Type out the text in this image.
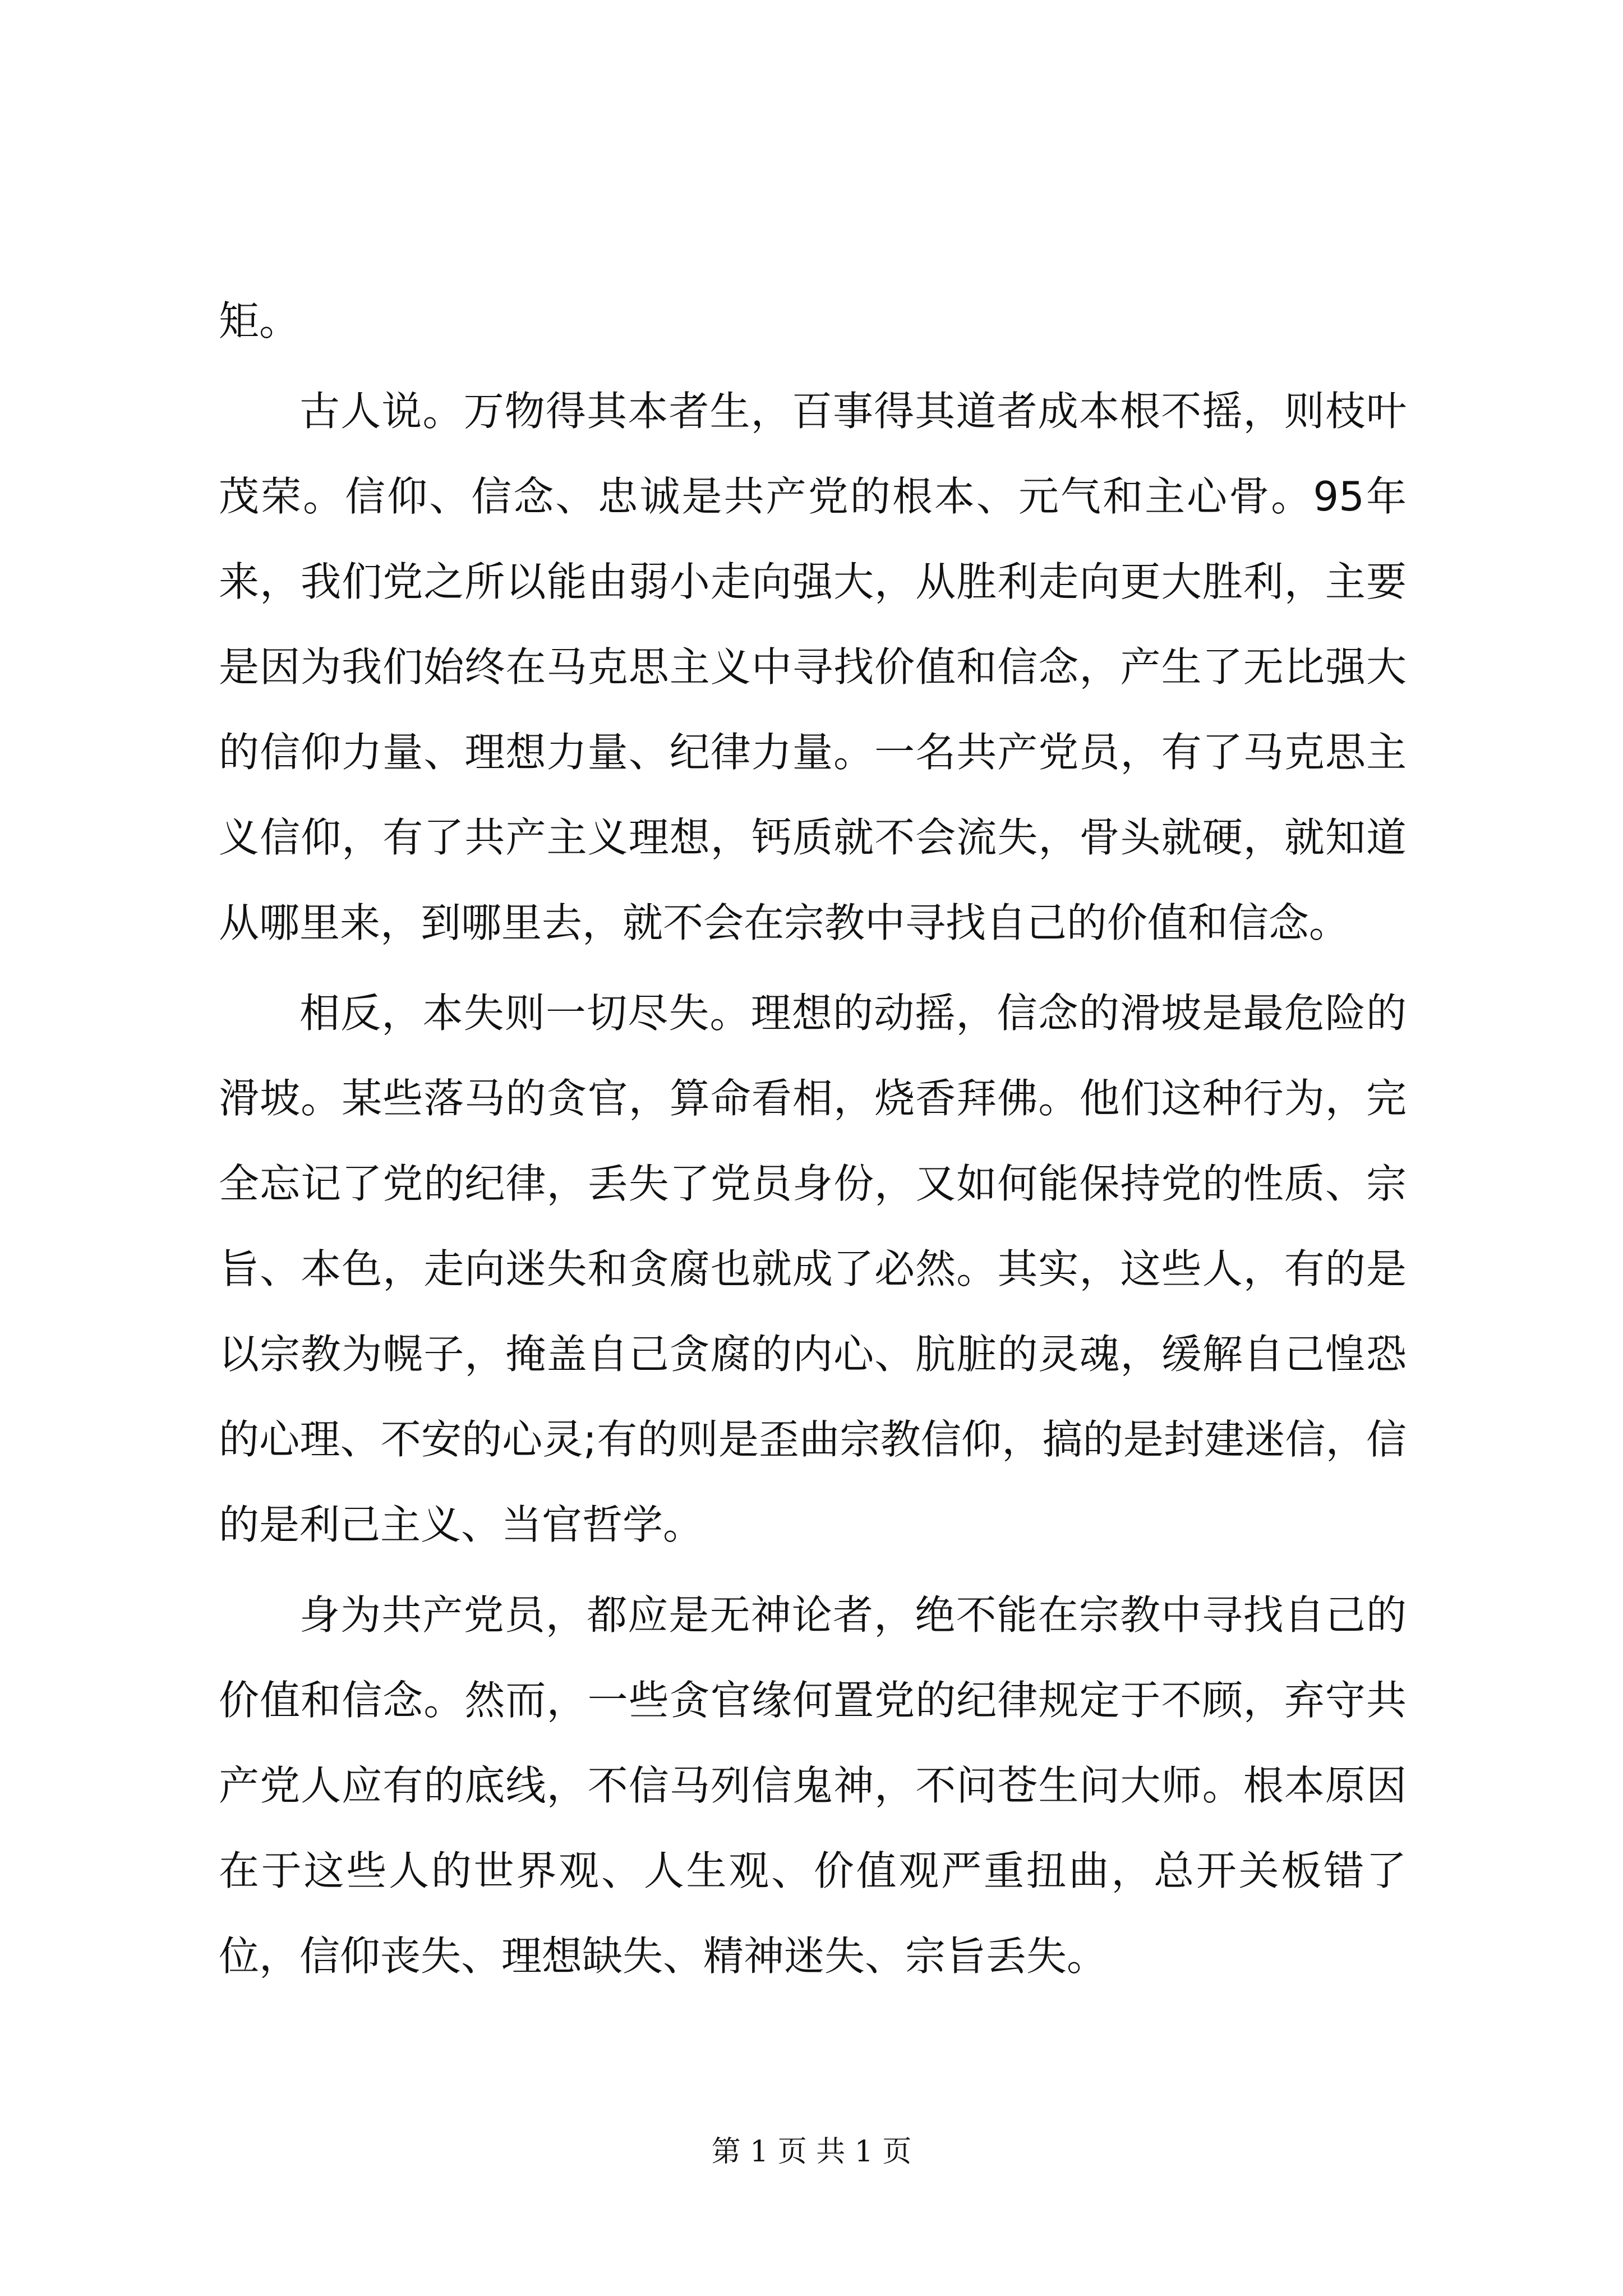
矩。

古人说。万物得其本者生，百事得其道者成本根不摇，则枝叶茂荣。信仰、信念、忠诚是共产党的根本、元气和主心骨。95年来，我们党之所以能由弱小走向强大，从胜利走向更大胜利，主要是因为我们始终在马克思主义中寻找价值和信念，产生了无比强大的信仰力量、理想力量、纪律力量。一名共产党员，有了马克思主义信仰，有了共产主义理想，钙质就不会流失，骨头就硬，就知道从哪里来，到哪里去，就不会在宗教中寻找自己的价值和信念。

相反，本失则一切尽失。理想的动摇，信念的滑坡是最危险的滑坡。某些落马的贪官，算命看相，烧香拜佛。他们这种行为，完全忘记了党的纪律，丢失了党员身份，又如何能保持党的性质、宗旨、本色，走向迷失和贪腐也就成了必然。其实，这些人，有的是以宗教为幌子，掩盖自己贪腐的内心、肮脏的灵魂，缓解自己惶恐的心理、不安的心灵;有的则是歪曲宗教信仰，搞的是封建迷信，信的是利己主义、当官哲学。

身为共产党员，都应是无神论者，绝不能在宗教中寻找自己的价值和信念。然而，一些贪官缘何置党的纪律规定于不顾，弃守共产党人应有的底线，不信马列信鬼神，不问苍生问大师。根本原因在于这些人的世界观、人生观、价值观严重扭曲，总开关板错了位，信仰丧失、理想缺失、精神迷失、宗旨丢失。

第 1 页 共 1 页
